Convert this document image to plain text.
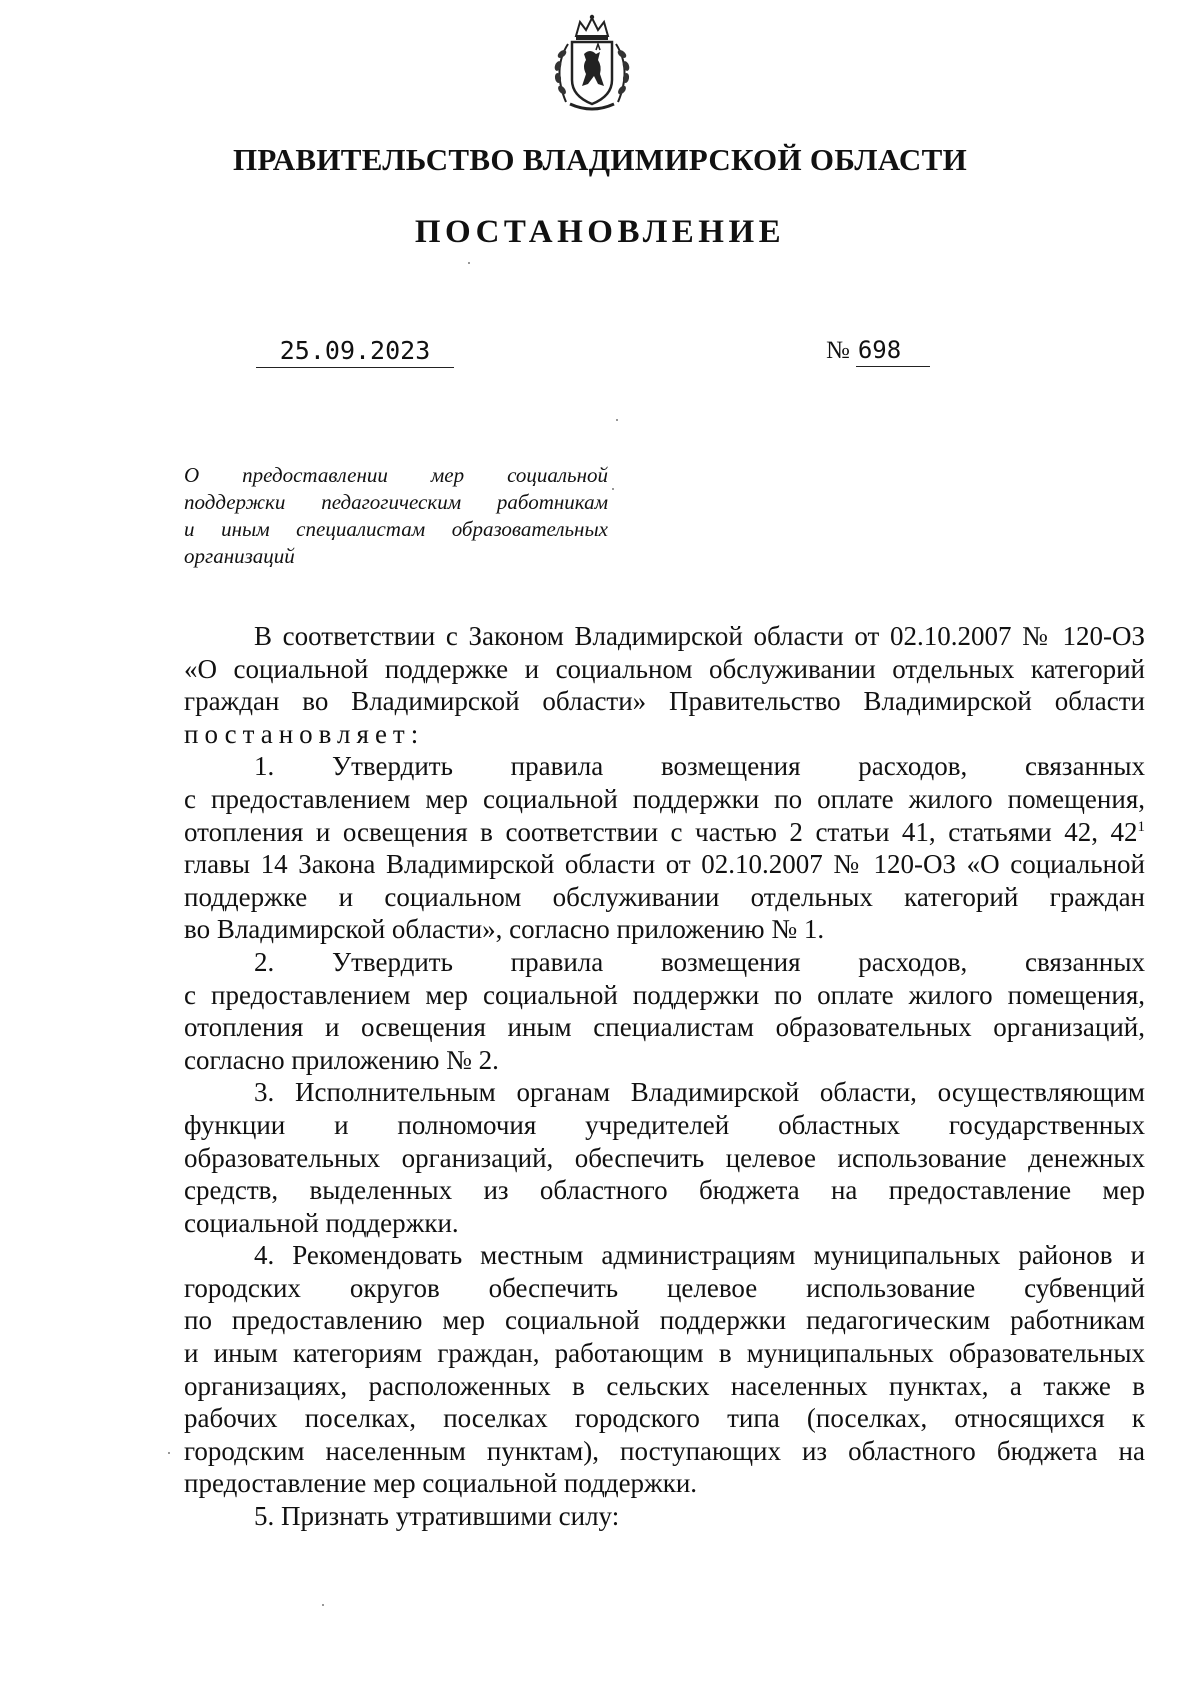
ПРАВИТЕЛЬСТВО ВЛАДИМИРСКОЙ ОБЛАСТИ
ПОСТАНОВЛЕНИЕ
25.09.2023	№ 698
О предоставлении мер социальной
поддержки педагогическим работникам
и иным специалистам образовательных
организаций
В соответствии с Законом Владимирской области от 02.10.2007 № 120-ОЗ
«О социальной поддержке и социальном обслуживании отдельных категорий
граждан во Владимирской области» Правительство Владимирской области
постановляет:
1. Утвердить правила возмещения расходов, связанных
с предоставлением мер социальной поддержки по оплате жилого помещения,
отопления и освещения в соответствии с частью 2 статьи 41, статьями 42, $42^1$
главы 14 Закона Владимирской области от 02.10.2007 № 120-ОЗ «О социальной
поддержке и социальном обслуживании отдельных категорий граждан
во Владимирской области», согласно приложению № 1.
2. Утвердить правила возмещения расходов, связанных
с предоставлением мер социальной поддержки по оплате жилого помещения,
отопления и освещения иным специалистам образовательных организаций,
согласно приложению № 2.
3. Исполнительным органам Владимирской области, осуществляющим
функции и полномочия учредителей областных государственных
образовательных организаций, обеспечить целевое использование денежных
средств, выделенных из областного бюджета на предоставление мер
социальной поддержки.
4. Рекомендовать местным администрациям муниципальных районов и
городских округов обеспечить целевое использование субвенций
по предоставлению мер социальной поддержки педагогическим работникам
и иным категориям граждан, работающим в муниципальных образовательных
организациях, расположенных в сельских населенных пунктах, а также в
рабочих поселках, поселках городского типа (поселках, относящихся к
городским населенным пунктам), поступающих из областного бюджета на
предоставление мер социальной поддержки.
5. Признать утратившими силу:
